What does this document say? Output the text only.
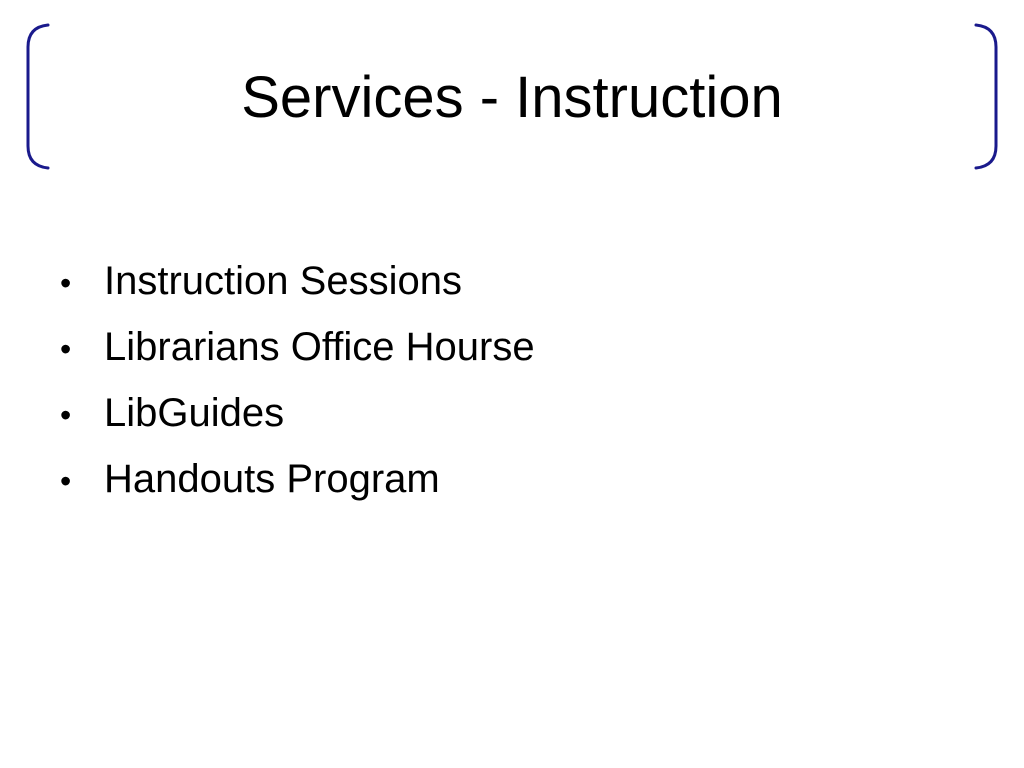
Services - Instruction
• Instruction Sessions
• Librarians Office Hourse
• LibGuides
• Handouts Program
